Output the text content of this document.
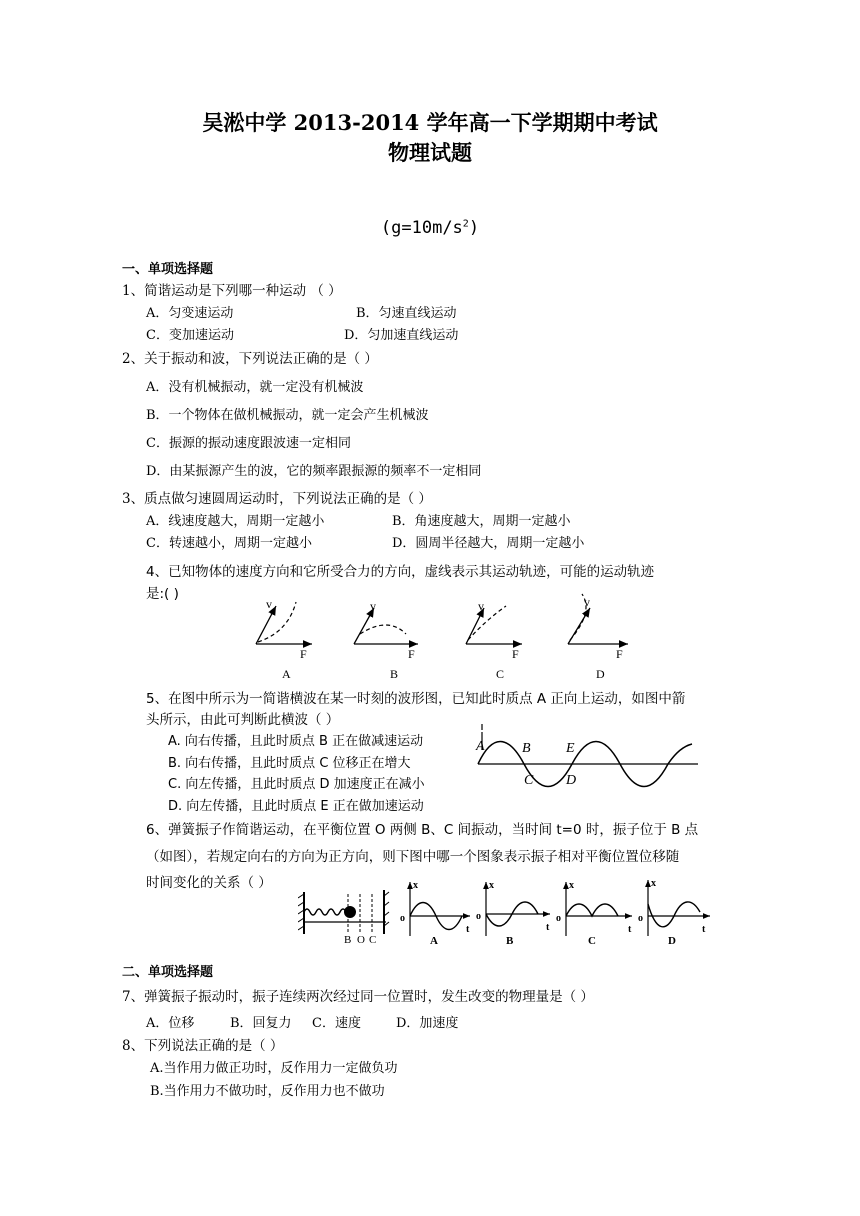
吴淞中学 2013-2014 学年高一下学期期中考试
物理试题
$(g=10m/s^2)$
一、单项选择题
1、简谐运动是下列哪一种运动 （ ）
A．匀变速运动	B．匀速直线运动
C．变加速运动	D．匀加速直线运动
2、关于振动和波，下列说法正确的是（ ）
A．没有机械振动，就一定没有机械波
B．一个物体在做机械振动，就一定会产生机械波
C．振源的振动速度跟波速一定相同
D．由某振源产生的波，它的频率跟振源的频率不一定相同
3、质点做匀速圆周运动时，下列说法正确的是（ ）
A．线速度越大，周期一定越小	B．角速度越大，周期一定越小
C．转速越小，周期一定越小	D．圆周半径越大，周期一定越小
4、已知物体的速度方向和它所受合力的方向，虚线表示其运动轨迹，可能的运动轨迹
是:( )
v
F
A
v
F
B
v
F
C
v
F
D
5、在图中所示为一简谐横波在某一时刻的波形图，已知此时质点 A 正向上运动，如图中箭
头所示，由此可判断此横波（ ）
A. 向右传播，且此时质点 B 正在做减速运动
B. 向右传播，且此时质点 C 位移正在增大
C. 向左传播，且此时质点 D 加速度正在减小
D. 向左传播，且此时质点 E 正在做加速运动
A	B
C D
E
6、弹簧振子作简谐运动，在平衡位置 O 两侧 B、C 间振动，当时间 t=0 时，振子位于 B 点
（如图），若规定向右的方向为正方向，则下图中哪一个图象表示振子相对平衡位置位移随
时间变化的关系（ ）
B O C
x
o
t
A
x
o
t
B
x
o
t
C
x
o
t
D
二、单项选择题
7、弹簧振子振动时，振子连续两次经过同一位置时，发生改变的物理量是（ ）
A．位移	B．回复力 C．速度	D．加速度
8、下列说法正确的是（ ）
A.当作用力做正功时，反作用力一定做负功
B.当作用力不做功时，反作用力也不做功
